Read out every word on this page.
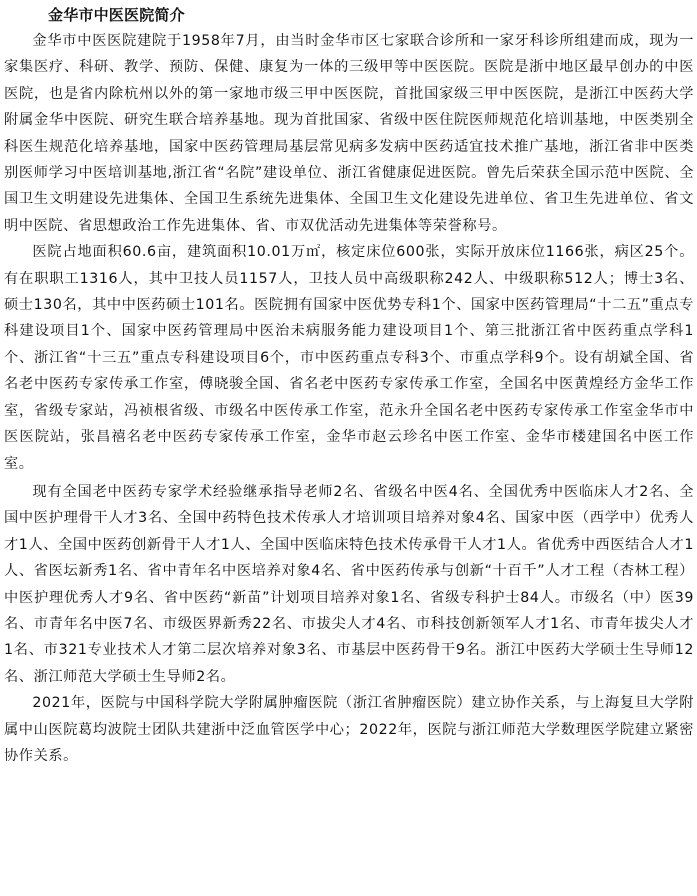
金华市中医医院简介

金华市中医医院建院于1958年7月，由当时金华市区七家联合诊所和一家牙科诊所组建而成，现为一家集医疗、科研、教学、预防、保健、康复为一体的三级甲等中医医院。医院是浙中地区最早创办的中医医院，也是省内除杭州以外的第一家地市级三甲中医医院，首批国家级三甲中医医院，是浙江中医药大学附属金华中医院、研究生联合培养基地。现为首批国家、省级中医住院医师规范化培训基地，中医类别全科医生规范化培养基地，国家中医药管理局基层常见病多发病中医药适宜技术推广基地，浙江省非中医类别医师学习中医培训基地,浙江省“名院”建设单位、浙江省健康促进医院。曾先后荣获全国示范中医院、全国卫生文明建设先进集体、全国卫生系统先进集体、全国卫生文化建设先进单位、省卫生先进单位、省文明中医院、省思想政治工作先进集体、省、市双优活动先进集体等荣誉称号。

医院占地面积60.6亩，建筑面积10.01万㎡，核定床位600张，实际开放床位1166张，病区25个。有在职职工1316人，其中卫技人员1157人，卫技人员中高级职称242人、中级职称512人；博士3名、硕士130名，其中中医药硕士101名。医院拥有国家中医优势专科1个、国家中医药管理局“十二五”重点专科建设项目1个、国家中医药管理局中医治未病服务能力建设项目1个、第三批浙江省中医药重点学科1个、浙江省“十三五”重点专科建设项目6个，市中医药重点专科3个、市重点学科9个。设有胡斌全国、省名老中医药专家传承工作室，傅晓骏全国、省名老中医药专家传承工作室，全国名中医黄煌经方金华工作室，省级专家站，冯祯根省级、市级名中医传承工作室，范永升全国名老中医药专家传承工作室金华市中医医院站，张昌禧名老中医药专家传承工作室，金华市赵云珍名中医工作室、金华市楼建国名中医工作室。

现有全国老中医药专家学术经验继承指导老师2名、省级名中医4名、全国优秀中医临床人才2名、全国中医护理骨干人才3名、全国中药特色技术传承人才培训项目培养对象4名、国家中医（西学中）优秀人才1人、全国中医药创新骨干人才1人、全国中医临床特色技术传承骨干人才1人。省优秀中西医结合人才1人、省医坛新秀1名、省中青年名中医培养对象4名、省中医药传承与创新“十百千”人才工程（杏林工程）中医护理优秀人才9名、省中医药“新苗”计划项目培养对象1名、省级专科护士84人。市级名（中）医39名、市青年名中医7名、市级医界新秀22名、市拔尖人才4名、市科技创新领军人才1名、市青年拔尖人才1名、市321专业技术人才第二层次培养对象3名、市基层中医药骨干9名。浙江中医药大学硕士生导师12名、浙江师范大学硕士生导师2名。

2021年，医院与中国科学院大学附属肿瘤医院（浙江省肿瘤医院）建立协作关系，与上海复旦大学附属中山医院葛均波院士团队共建浙中泛血管医学中心；2022年，医院与浙江师范大学数理医学院建立紧密协作关系。
